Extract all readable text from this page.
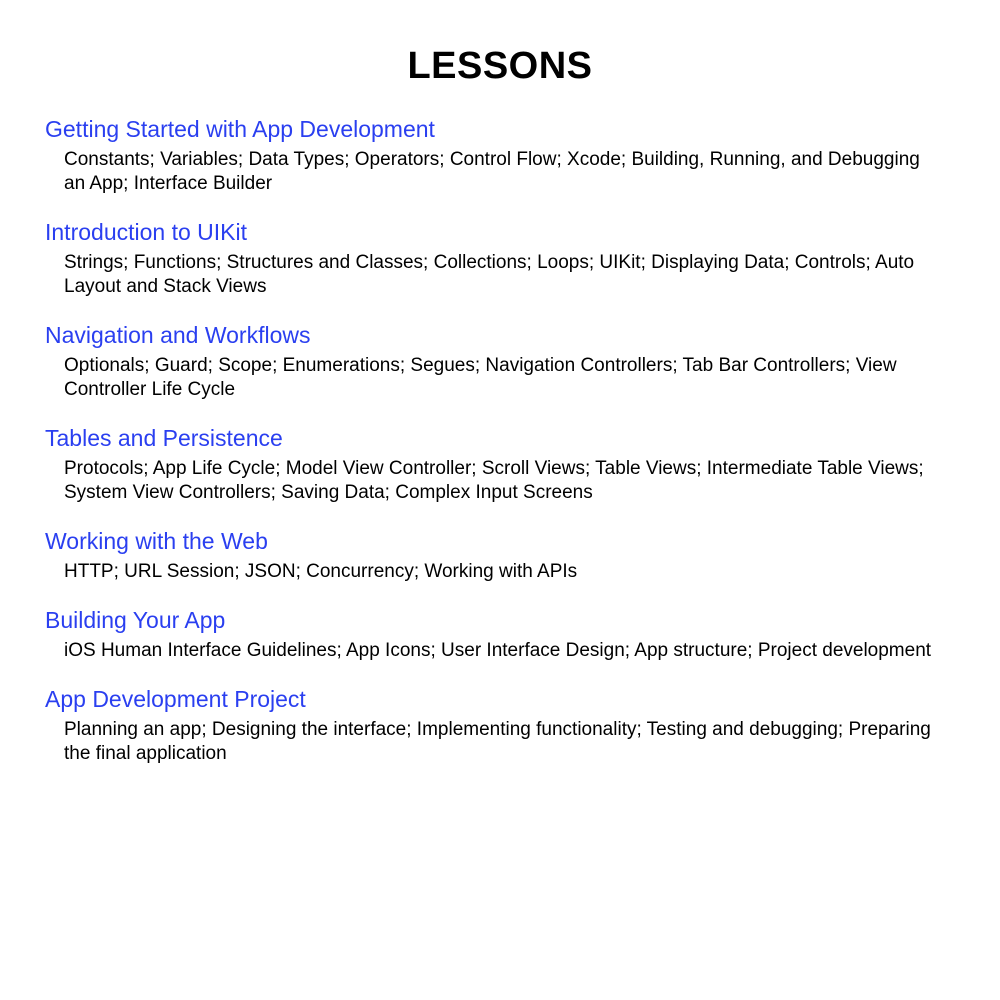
LESSONS
Getting Started with App Development
Constants; Variables; Data Types; Operators; Control Flow; Xcode; Building, Running, and Debugging an App; Interface Builder
Introduction to UIKit
Strings; Functions; Structures and Classes; Collections; Loops; UIKit; Displaying Data; Controls; Auto Layout and Stack Views
Navigation and Workflows
Optionals; Guard; Scope; Enumerations; Segues; Navigation Controllers; Tab Bar Controllers; View Controller Life Cycle
Tables and Persistence
Protocols; App Life Cycle; Model View Controller; Scroll Views; Table Views; Intermediate Table Views; System View Controllers; Saving Data; Complex Input Screens
Working with the Web
HTTP; URL Session; JSON; Concurrency; Working with APIs
Building Your App
iOS Human Interface Guidelines; App Icons; User Interface Design; App structure; Project development
App Development Project
Planning an app; Designing the interface; Implementing functionality; Testing and debugging; Preparing the final application
